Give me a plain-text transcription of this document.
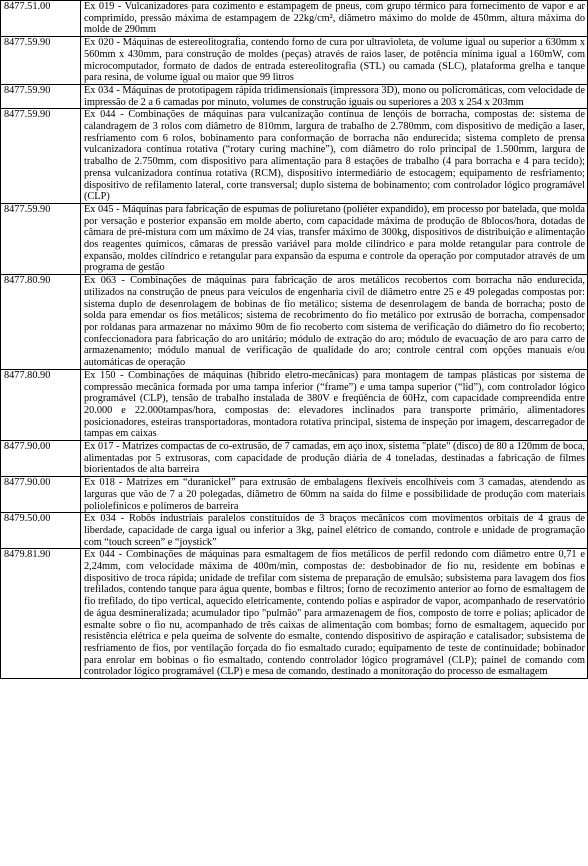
8477.51.00	Ex 019 - Vulcanizadores para cozimento e estampagem de pneus, com grupo térmico para fornecimento de vapor e ar comprimido, pressão máxima de estampagem de 22kg/cm², diâmetro máximo do molde de 450mm, altura máxima do molde de 290mm
8477.59.90	Ex 020 - Máquinas de estereolitografia, contendo forno de cura por ultravioleta, de volume igual ou superior a 630mm x 560mm x 430mm, para construção de moldes (peças) através de raios laser, de potência mínima igual a 160mW, com microcomputador, formato de dados de entrada estereolitografia (STL) ou camada (SLC), plataforma grelha e tanque para resina, de volume igual ou maior que 99 litros
8477.59.90	Ex 034 - Máquinas de prototipagem rápida tridimensionais (impressora 3D), mono ou policromáticas, com velocidade de impressão de 2 a 6 camadas por minuto, volumes de construção iguais ou superiores a 203 x 254 x 203mm
8477.59.90	Ex 044 - Combinações de máquinas para vulcanização contínua de lençóis de borracha, compostas de: sistema de calandragem de 3 rolos com diâmetro de 810mm, largura de trabalho de 2.780mm, com dispositivo de medição a laser, resfriamento com 6 rolos, bobinamento para conformação de borracha não endurecida; sistema completo de prensa vulcanizadora contínua rotativa (“rotary curing machine”), com diâmetro do rolo principal de 1.500mm, largura de trabalho de 2.750mm, com dispositivo para alimentação para 8 estações de trabalho (4 para borracha e 4 para tecido); prensa vulcanizadora contínua rotativa (RCM), dispositivo intermediário de estocagem; equipamento de resfriamento; dispositivo de refilamento lateral, corte transversal; duplo sistema de bobinamento; com controlador lógico programável (CLP)
8477.59.90	Ex 045 - Máquinas para fabricação de espumas de poliuretano (poliéter expandido), em processo por batelada, que molda por versação e posterior expansão em molde aberto, com capacidade máxima de produção de 8blocos/hora, dotadas de câmara de pré-mistura com um máximo de 24 vias, transfer máximo de 300kg, dispositivos de distribuição e alimentação dos reagentes químicos, câmaras de pressão variável para molde cilíndrico e para molde retangular para controle de expansão, moldes cilíndrico e retangular para expansão da espuma e controle da operação por computador através de um programa de gestão
8477.80.90	Ex 063 - Combinações de máquinas para fabricação de aros metálicos recobertos com borracha não endurecida, utilizados na construção de pneus para veículos de engenharia civil de diâmetro entre 25 e 49 polegadas compostas por: sistema duplo de desenrolagem de bobinas de fio metálico; sistema de desenrolagem de banda de borracha; posto de solda para emendar os fios metálicos; sistema de recobrimento do fio metálico por extrusão de borracha, compensador por roldanas para armazenar no máximo 90m de fio recoberto com sistema de verificação do diâmetro do fio recoberto; confeccionadora para fabricação do aro unitário; módulo de extração do aro; módulo de evacuação de aro para carro de armazenamento; módulo manual de verificação de qualidade do aro; controle central com opções manuais e/ou automáticas de operação
8477.80.90	Ex 150 - Combinações de máquinas (híbrido eletro-mecânicas) para montagem de tampas plásticas por sistema de compressão mecânica formada por uma tampa inferior (“frame”) e uma tampa superior (“lid”), com controlador lógico programável (CLP), tensão de trabalho instalada de 380V e freqüência de 60Hz, com capacidade compreendida entre 20.000 e 22.000tampas/hora, compostas de: elevadores inclinados para transporte primário, alimentadores posicionadores, esteiras transportadoras, montadora rotativa principal, sistema de inspeção por imagem, descarregador de tampas em caixas
8477.90.00	Ex 017 - Matrizes compactas de co-extrusão, de 7 camadas, em aço inox, sistema "plate" (disco) de 80 a 120mm de boca, alimentadas por 5 extrusoras, com capacidade de produção diária de 4 toneladas, destinadas a fabricação de filmes biorientados de alta barreira
8477.90.00	Ex 018 - Matrizes em “duranickel” para extrusão de embalagens flexíveis encolhíveis com 3 camadas, atendendo as larguras que vão de 7 a 20 polegadas, diâmetro de 60mm na saída do filme e possibilidade de produção com materiais poliolefínicos e polímeros de barreira
8479.50.00	Ex 034 - Robôs industriais paralelos constituídos de 3 braços mecânicos com movimentos orbitais de 4 graus de liberdade, capacidade de carga igual ou inferior a 3kg, painel elétrico de comando, controle e unidade de programação com “touch screen” e “joystick”
8479.81.90	Ex 044 - Combinações de máquinas para esmaltagem de fios metálicos de perfil redondo com diâmetro entre 0,71 e 2,24mm, com velocidade máxima de 400m/min, compostas de: desbobinador de fio nu, residente em bobinas e dispositivo de troca rápida; unidade de trefilar com sistema de preparação de emulsão; subsistema para lavagem dos fios trefilados, contendo tanque para água quente, bombas e filtros; forno de recozimento anterior ao forno de esmaltagem de fio trefilado, do tipo vertical, aquecido eletricamente, contendo polias e aspirador de vapor, acompanhado de reservatório de água desmineralizada; acumulador tipo "pulmão" para armazenagem de fios, composto de torre e polias; aplicador de esmalte sobre o fio nu, acompanhado de três caixas de alimentação com bombas; forno de esmaltagem, aquecido por resistência elétrica e pela queima de solvente do esmalte, contendo dispositivo de aspiração e catalisador; subsistema de resfriamento de fios, por ventilação forçada do fio esmaltado curado; equipamento de teste de continuidade; bobinador para enrolar em bobinas o fio esmaltado, contendo controlador lógico programável (CLP); painel de comando com controlador lógico programável (CLP) e mesa de comando, destinado a monitoração do processo de esmaltagem
